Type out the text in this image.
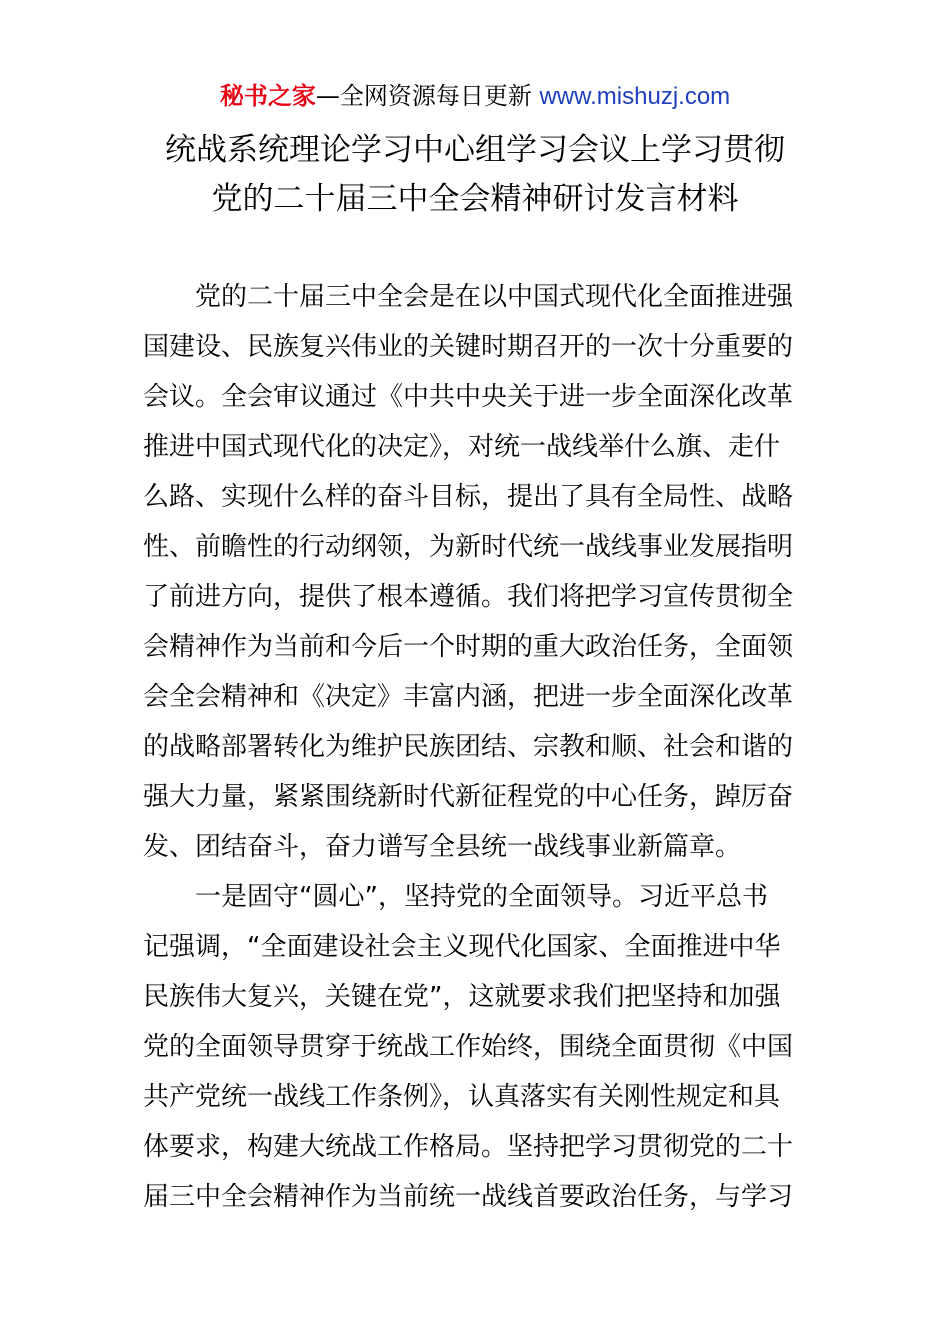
秘书之家—全网资源每日更新 www.mishuzj.com
统战系统理论学习中心组学习会议上学习贯彻
党的二十届三中全会精神研讨发言材料
党的二十届三中全会是在以中国式现代化全面推进强
国建设、民族复兴伟业的关键时期召开的一次十分重要的
会议。全会审议通过《中共中央关于进一步全面深化改革
推进中国式现代化的决定》，对统一战线举什么旗、走什
么路、实现什么样的奋斗目标，提出了具有全局性、战略
性、前瞻性的行动纲领，为新时代统一战线事业发展指明
了前进方向，提供了根本遵循。我们将把学习宣传贯彻全
会精神作为当前和今后一个时期的重大政治任务，全面领
会全会精神和《决定》丰富内涵，把进一步全面深化改革
的战略部署转化为维护民族团结、宗教和顺、社会和谐的
强大力量，紧紧围绕新时代新征程党的中心任务，踔厉奋
发、团结奋斗，奋力谱写全县统一战线事业新篇章。
一是固守“圆心”，坚持党的全面领导。习近平总书
记强调，“全面建设社会主义现代化国家、全面推进中华
民族伟大复兴，关键在党”，这就要求我们把坚持和加强
党的全面领导贯穿于统战工作始终，围绕全面贯彻《中国
共产党统一战线工作条例》，认真落实有关刚性规定和具
体要求，构建大统战工作格局。坚持把学习贯彻党的二十
届三中全会精神作为当前统一战线首要政治任务，与学习
